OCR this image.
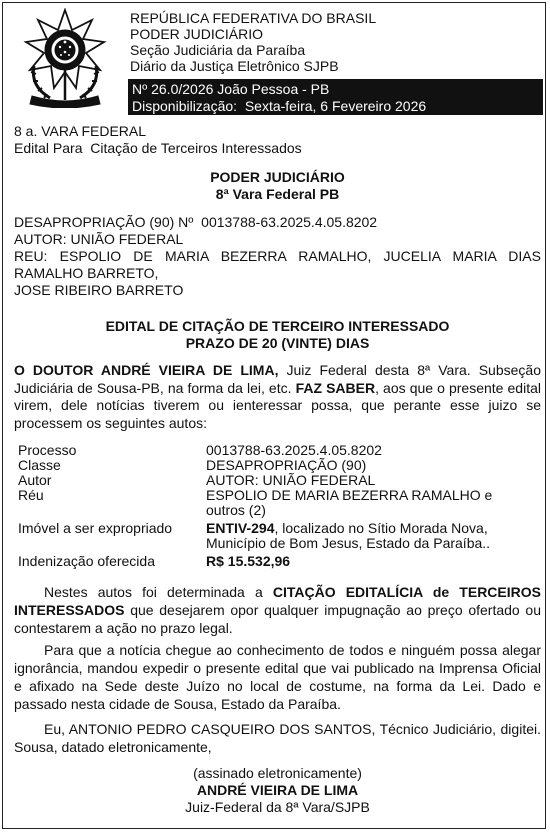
REPÚBLICA FEDERATIVA DO BRASIL
PODER JUDICIÁRIO
Seção Judiciária da Paraíba
Diário da Justiça Eletrônico SJPB
Nº 26.0/2026 João Pessoa - PB
Disponibilização:  Sexta-feira, 6 Fevereiro 2026
8 a. VARA FEDERAL
Edital Para  Citação de Terceiros Interessados
PODER JUDICIÁRIO
8ª Vara Federal PB
DESAPROPRIAÇÃO (90) Nº  0013788-63.2025.4.05.8202
AUTOR: UNIÃO FEDERAL
REU: ESPOLIO DE MARIA BEZERRA RAMALHO, JUCELIA MARIA DIAS RAMALHO BARRETO,
JOSE RIBEIRO BARRETO
EDITAL DE CITAÇÃO DE TERCEIRO INTERESSADO
PRAZO DE 20 (VINTE) DIAS
O DOUTOR ANDRÉ VIEIRA DE LIMA, Juiz Federal desta 8ª Vara. Subseção Judiciária de Sousa-PB, na forma da lei, etc. FAZ SABER, aos que o presente edital virem, dele notícias tiverem ou ienteressar possa, que perante esse juizo se processem os seguintes autos:
Processo	0013788-63.2025.4.05.8202
Classe	DESAPROPRIAÇÃO (90)
Autor	AUTOR: UNIÃO FEDERAL
Réu	ESPOLIO DE MARIA BEZERRA RAMALHO e outros (2)
Imóvel a ser expropriado	ENTIV-294, localizado no Sítio Morada Nova, Município de Bom Jesus, Estado da Paraíba..
Indenização oferecida	R$ 15.532,96
Nestes autos foi determinada a CITAÇÃO EDITALÍCIA de TERCEIROS INTERESSADOS que desejarem opor qualquer impugnação ao preço ofertado ou contestarem a ação no prazo legal.
Para que a notícia chegue ao conhecimento de todos e ninguém possa alegar ignorância, mandou expedir o presente edital que vai publicado na Imprensa Oficial e afixado na Sede deste Juízo no local de costume, na forma da Lei. Dado e passado nesta cidade de Sousa, Estado da Paraíba.
Eu, ANTONIO PEDRO CASQUEIRO DOS SANTOS, Técnico Judiciário, digitei. Sousa, datado eletronicamente,
(assinado eletronicamente)
ANDRÉ VIEIRA DE LIMA
Juiz-Federal da 8ª Vara/SJPB
